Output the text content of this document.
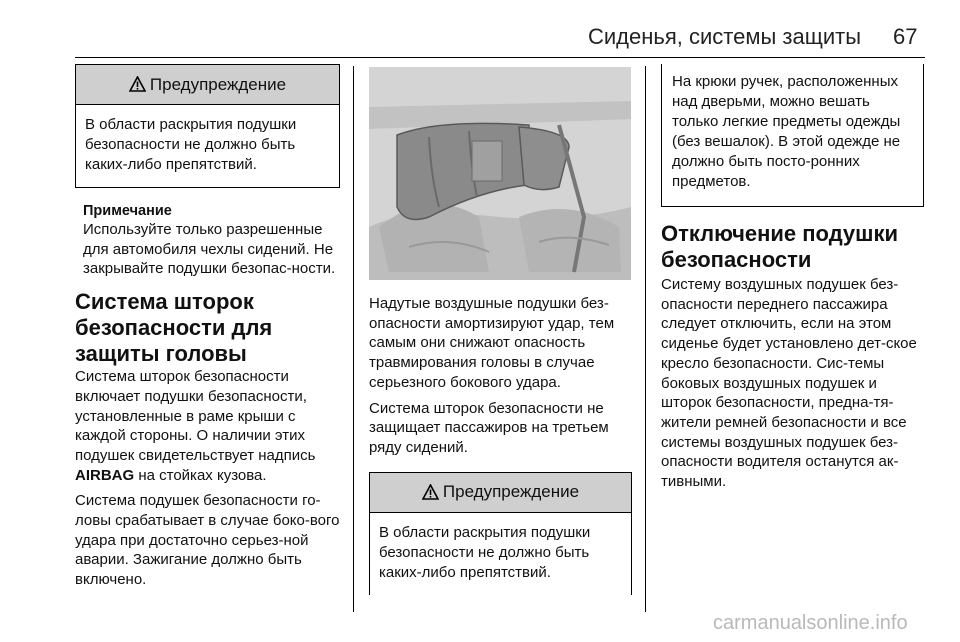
Сиденья, системы защиты 67
Предупреждение
В области раскрытия подушки безопасности не должно быть каких-либо препятствий.
Примечание

Используйте только разрешенные для автомобиля чехлы сидений. Не закрывайте подушки безопас-ности.

Система шторок безопасности для защиты головы

Система шторок безопасности включает подушки безопасности, установленные в раме крыши с каждой стороны. О наличии этих подушек свидетельствует надпись AIRBAG на стойках кузова.

Система подушек безопасности го-ловы срабатывает в случае боко-вого удара при достаточно серьез-ной аварии. Зажигание должно быть включено.

Надутые воздушные подушки без-опасности амортизируют удар, тем самым они снижают опасность травмирования головы в случае серьезного бокового удара.

Система шторок безопасности не защищает пассажиров на третьем ряду сидений.

Предупреждение
В области раскрытия подушки безопасности не должно быть каких-либо препятствий.
На крюки ручек, расположенных над дверьми, можно вешать только легкие предметы одежды (без вешалок). В этой одежде не должно быть посто-ронних предметов.
Отключение подушки безопасности

Систему воздушных подушек без-опасности переднего пассажира следует отключить, если на этом сиденье будет установлено дет-ское кресло безопасности. Сис-темы боковых воздушных подушек и шторок безопасности, предна-тя-жители ремней безопасности и все системы воздушных подушек без-опасности водителя останутся ак-тивными.

carmanualsonline.info
